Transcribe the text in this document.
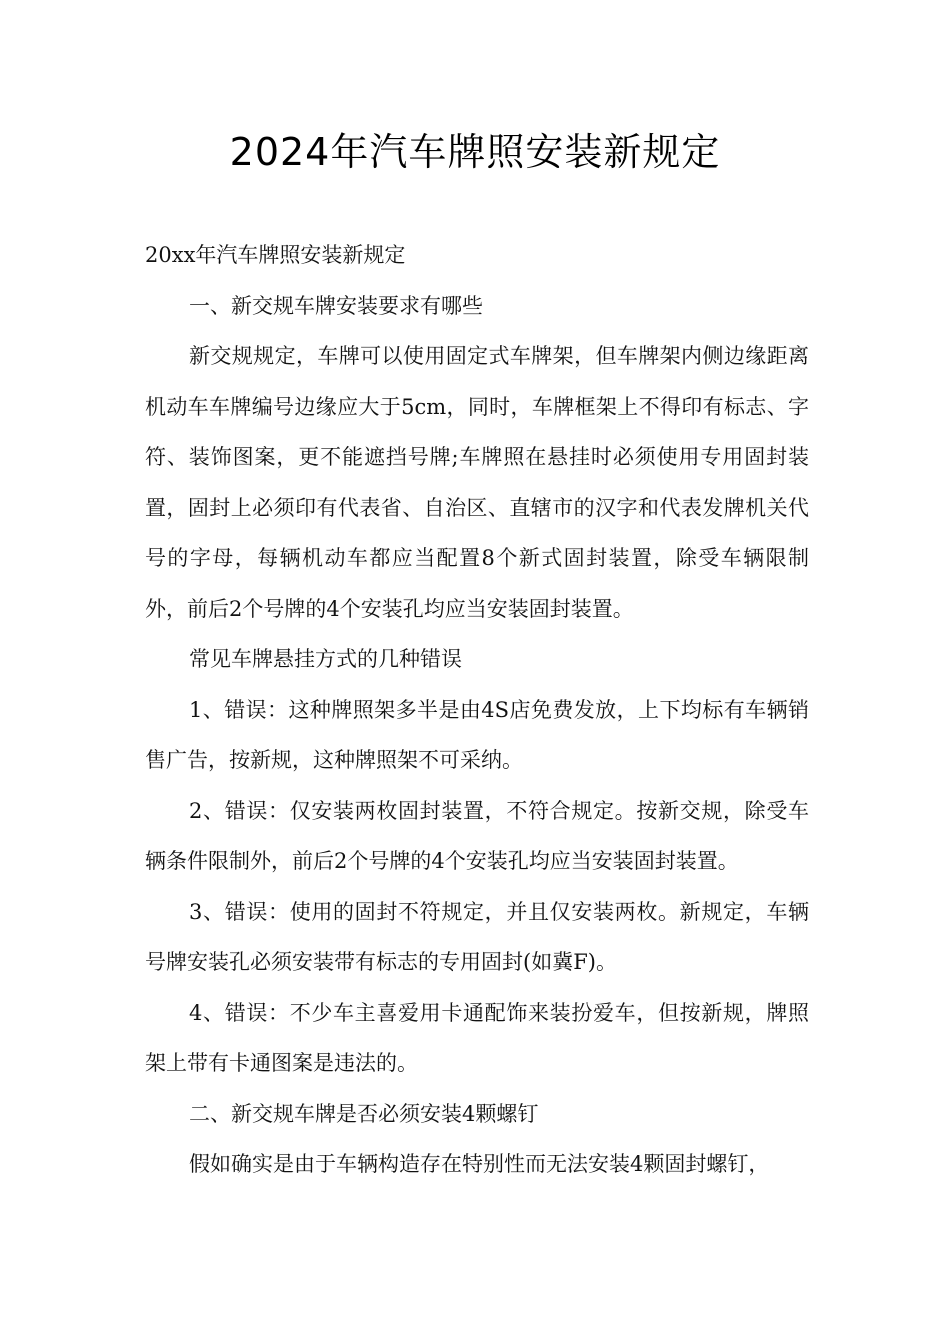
2024年汽车牌照安装新规定

20xx年汽车牌照安装新规定

一、新交规车牌安装要求有哪些

新交规规定，车牌可以使用固定式车牌架，但车牌架内侧边缘距离机动车车牌编号边缘应大于5cm，同时，车牌框架上不得印有标志、字符、装饰图案，更不能遮挡号牌;车牌照在悬挂时必须使用专用固封装置，固封上必须印有代表省、自治区、直辖市的汉字和代表发牌机关代号的字母，每辆机动车都应当配置8个新式固封装置，除受车辆限制外，前后2个号牌的4个安装孔均应当安装固封装置。

常见车牌悬挂方式的几种错误

1、错误：这种牌照架多半是由4S店免费发放，上下均标有车辆销售广告，按新规，这种牌照架不可采纳。

2、错误：仅安装两枚固封装置，不符合规定。按新交规，除受车辆条件限制外，前后2个号牌的4个安装孔均应当安装固封装置。

3、错误：使用的固封不符规定，并且仅安装两枚。新规定，车辆号牌安装孔必须安装带有标志的专用固封(如冀F)。

4、错误：不少车主喜爱用卡通配饰来装扮爱车，但按新规，牌照架上带有卡通图案是违法的。

二、新交规车牌是否必须安装4颗螺钉

假如确实是由于车辆构造存在特别性而无法安装4颗固封螺钉，
